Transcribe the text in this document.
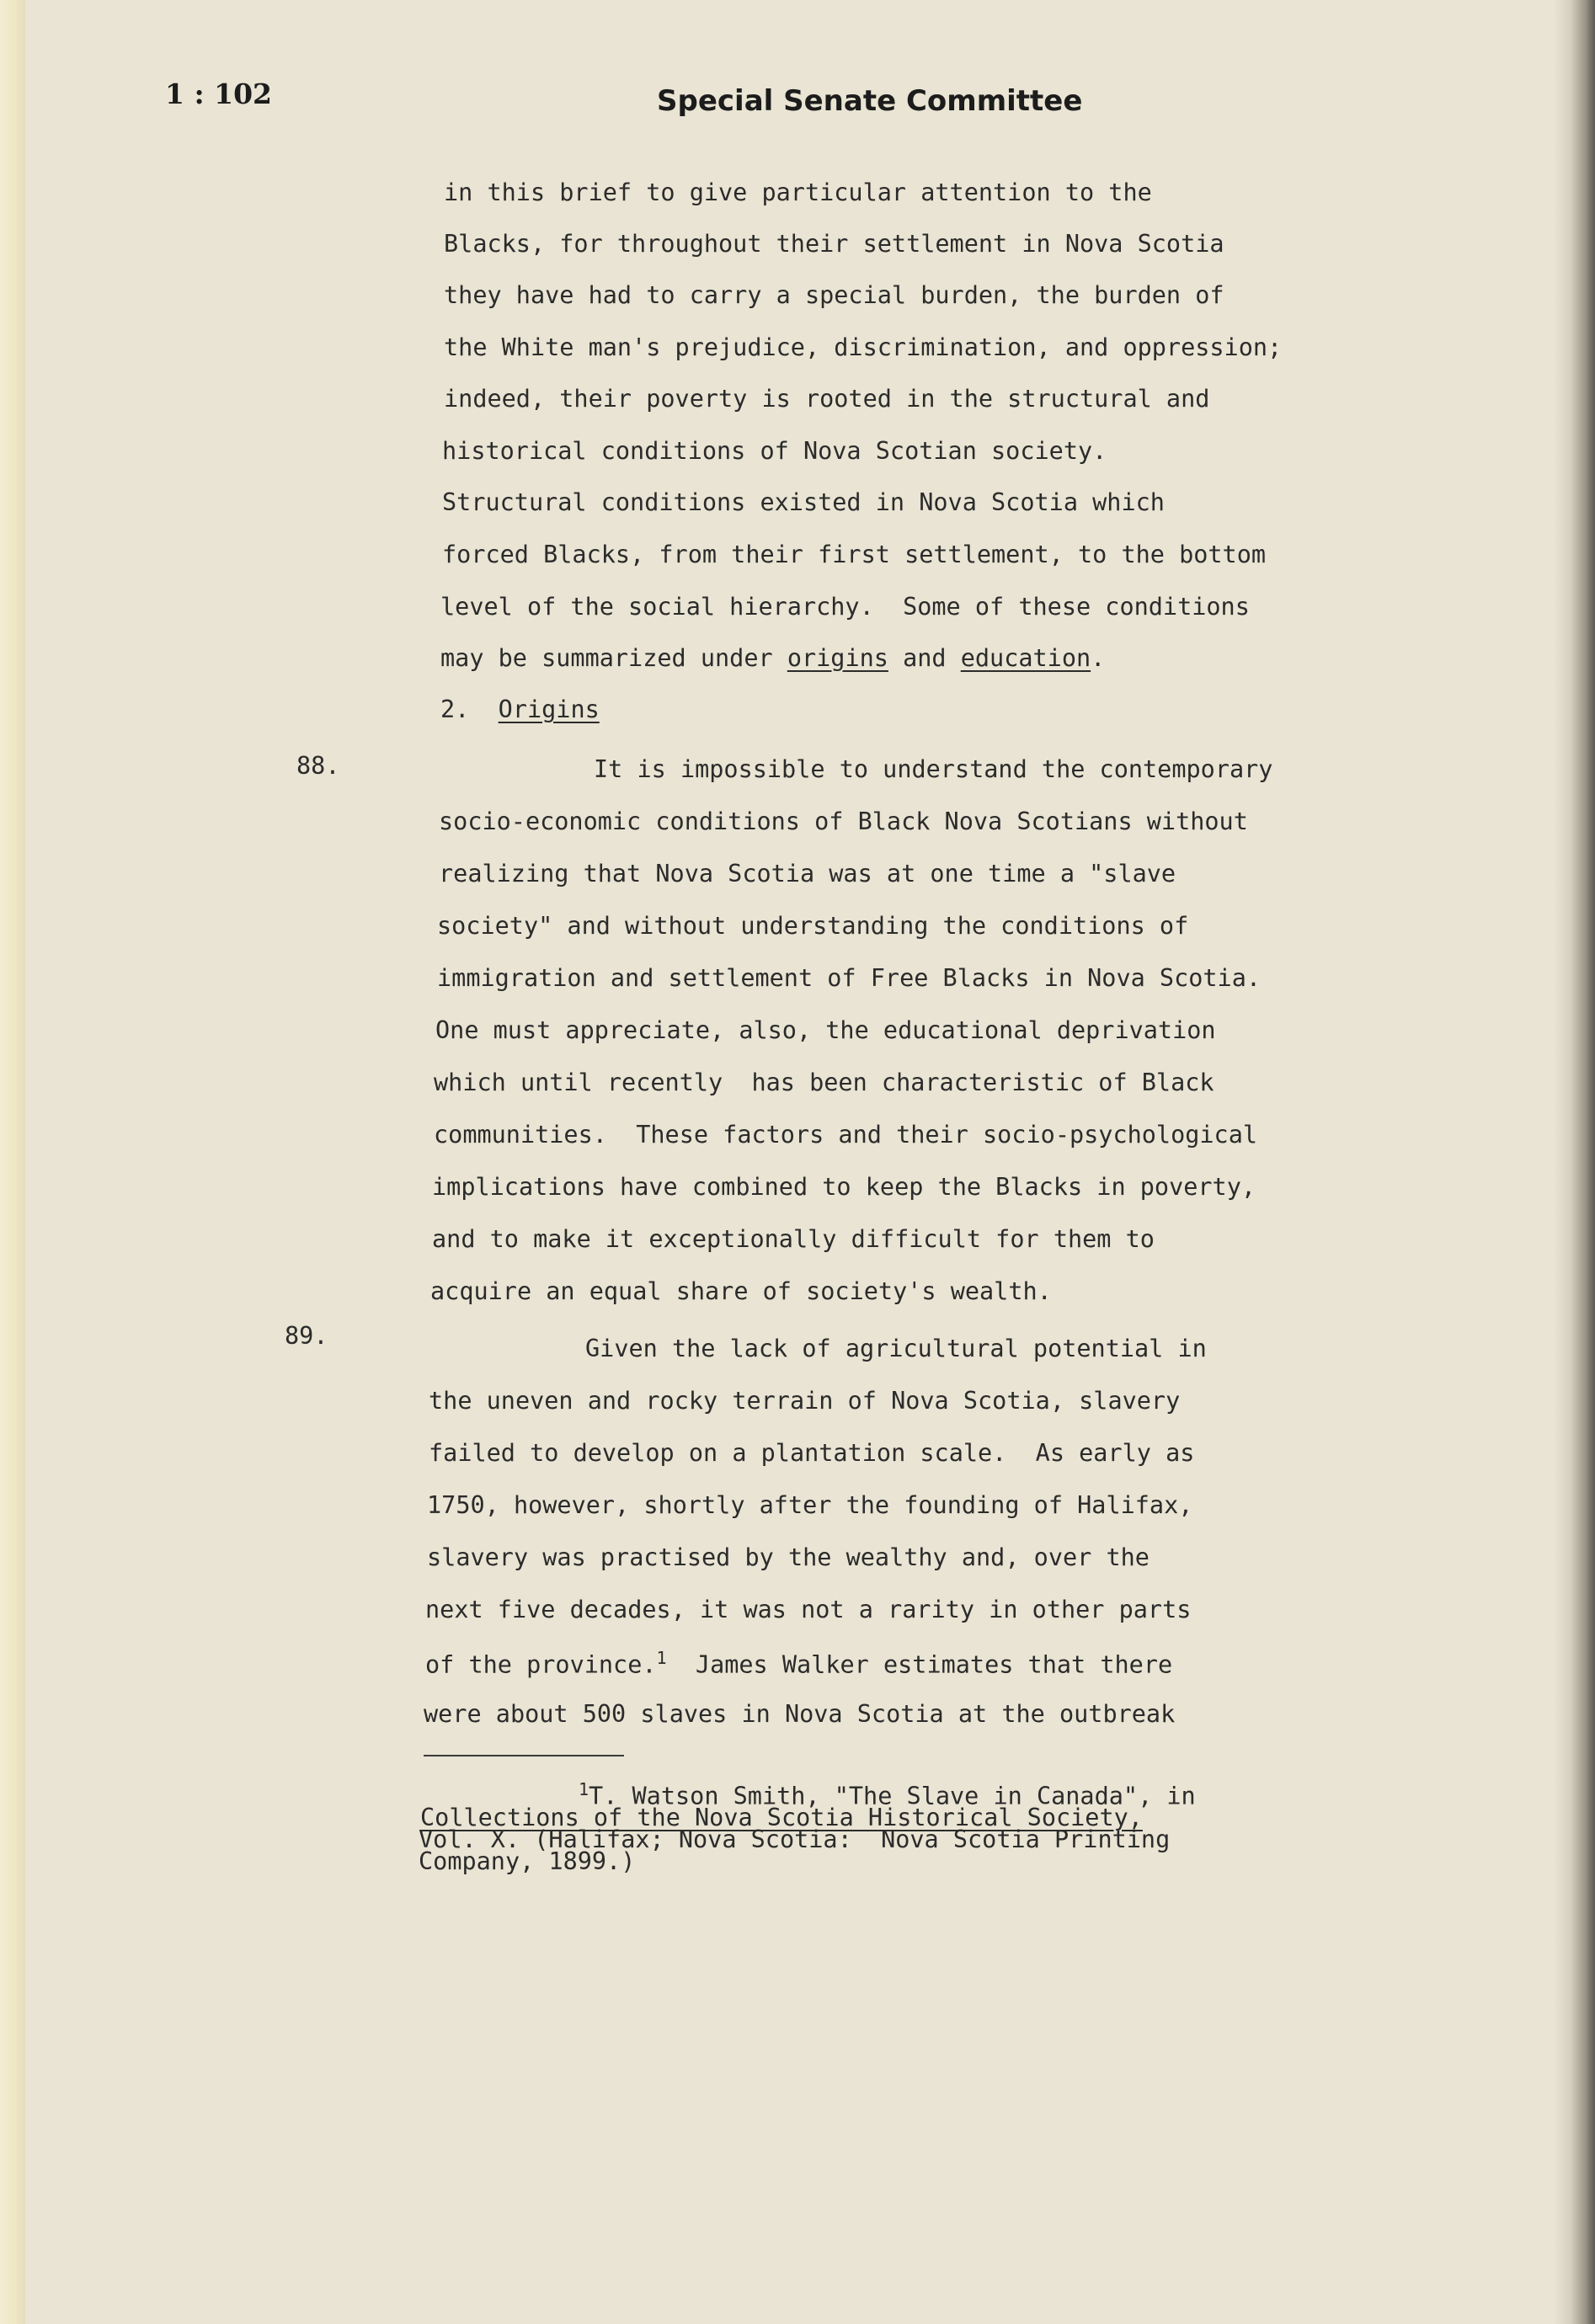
1 : 102	Special Senate Committee
in this brief to give particular attention to the
Blacks, for throughout their settlement in Nova Scotia
they have had to carry a special burden, the burden of
the White man's prejudice, discrimination, and oppression;
indeed, their poverty is rooted in the structural and
historical conditions of Nova Scotian society.
Structural conditions existed in Nova Scotia which
forced Blacks, from their first settlement, to the bottom
level of the social hierarchy.  Some of these conditions
may be summarized under origins and education.
2. Origins
88.	It is impossible to understand the contemporary
socio-economic conditions of Black Nova Scotians without
realizing that Nova Scotia was at one time a "slave
society" and without understanding the conditions of
immigration and settlement of Free Blacks in Nova Scotia.
One must appreciate, also, the educational deprivation
which until recently  has been characteristic of Black
communities.  These factors and their socio-psychological
implications have combined to keep the Blacks in poverty,
and to make it exceptionally difficult for them to
acquire an equal share of society's wealth.
89.	Given the lack of agricultural potential in
the uneven and rocky terrain of Nova Scotia, slavery
failed to develop on a plantation scale.  As early as
1750, however, shortly after the founding of Halifax,
slavery was practised by the wealthy and, over the
next five decades, it was not a rarity in other parts
of the province.$^1$  James Walker estimates that there
were about 500 slaves in Nova Scotia at the outbreak
$^1$T. Watson Smith, "The Slave in Canada", in
Collections of the Nova Scotia Historical Society,
Vol. X. (Halifax; Nova Scotia:  Nova Scotia Printing
Company, 1899.)
